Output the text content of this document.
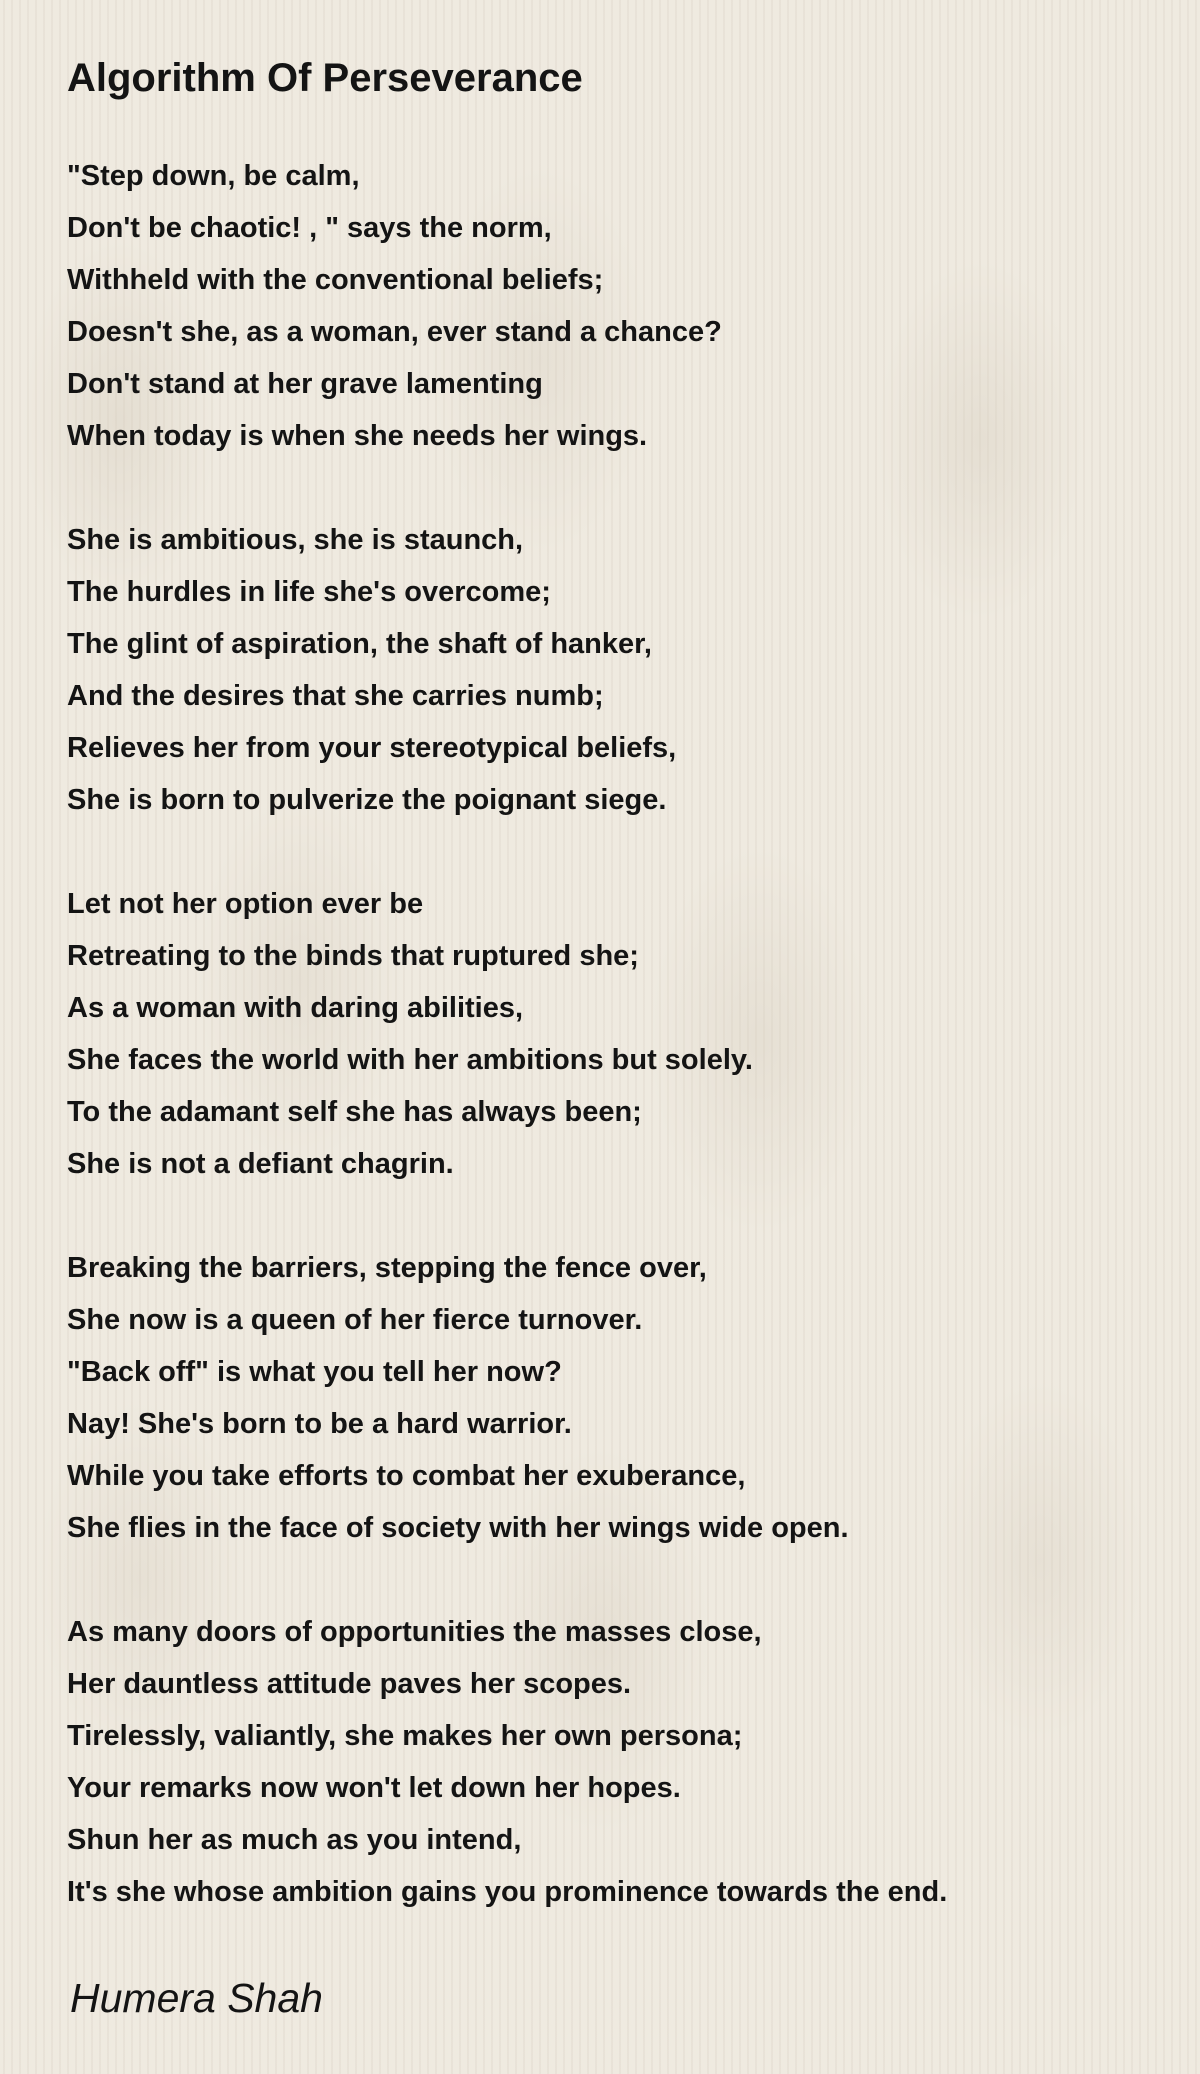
Algorithm Of Perseverance
"Step down, be calm,
Don't be chaotic! , " says the norm,
Withheld with the conventional beliefs;
Doesn't she, as a woman, ever stand a chance?
Don't stand at her grave lamenting
When today is when she needs her wings.
She is ambitious, she is staunch,
The hurdles in life she's overcome;
The glint of aspiration, the shaft of hanker,
And the desires that she carries numb;
Relieves her from your stereotypical beliefs,
She is born to pulverize the poignant siege.
Let not her option ever be
Retreating to the binds that ruptured she;
As a woman with daring abilities,
She faces the world with her ambitions but solely.
To the adamant self she has always been;
She is not a defiant chagrin.
Breaking the barriers, stepping the fence over,
She now is a queen of her fierce turnover.
"Back off" is what you tell her now?
Nay! She's born to be a hard warrior.
While you take efforts to combat her exuberance,
She flies in the face of society with her wings wide open.
As many doors of opportunities the masses close,
Her dauntless attitude paves her scopes.
Tirelessly, valiantly, she makes her own persona;
Your remarks now won't let down her hopes.
Shun her as much as you intend,
It's she whose ambition gains you prominence towards the end.
Humera Shah
